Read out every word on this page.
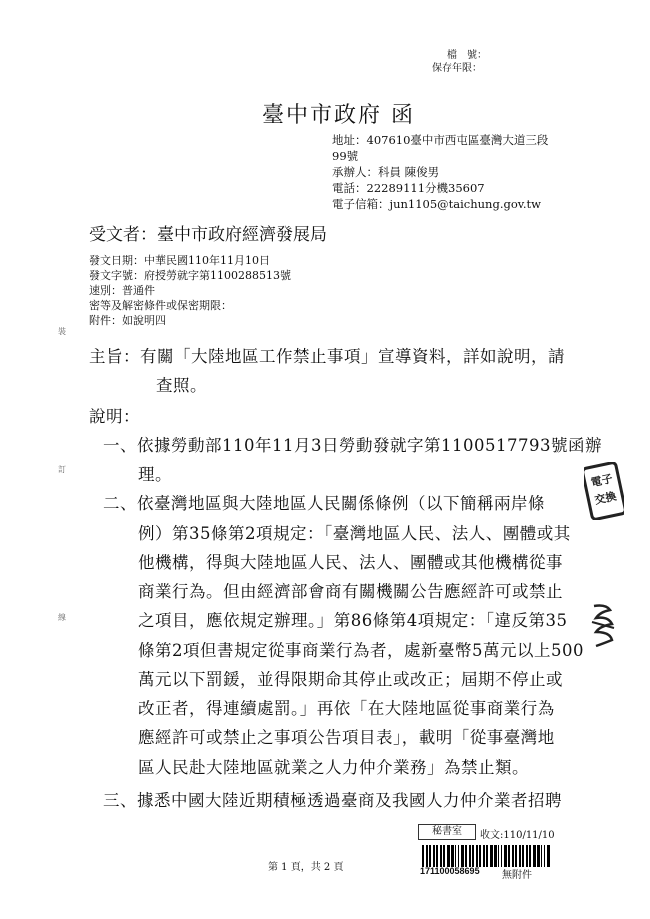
檔　號：
保存年限：
臺中市政府 函
地址：407610臺中市西屯區臺灣大道三段
99號
承辦人：科員 陳俊男
電話：22289111分機35607
電子信箱：jun1105@taichung.gov.tw
受文者：臺中市政府經濟發展局
發文日期：中華民國110年11月10日
發文字號：府授勞就字第1100288513號
速別：普通件
密等及解密條件或保密期限：
附件：如說明四
裝
訂
線
主旨：有關「大陸地區工作禁止事項」宣導資料，詳如說明，請
查照。
說明：
一、依據勞動部110年11月3日勞動發就字第1100517793號函辦
理。
二、依臺灣地區與大陸地區人民關係條例（以下簡稱兩岸條
例）第35條第2項規定：「臺灣地區人民、法人、團體或其
他機構，得與大陸地區人民、法人、團體或其他機構從事
商業行為。但由經濟部會商有關機關公告應經許可或禁止
之項目，應依規定辦理。」第86條第4項規定：「違反第35
條第2項但書規定從事商業行為者，處新臺幣5萬元以上500
萬元以下罰鍰，並得限期命其停止或改正；屆期不停止或
改正者，得連續處罰。」再依「在大陸地區從事商業行為
應經許可或禁止之事項公告項目表」，載明「從事臺灣地
區人民赴大陸地區就業之人力仲介業務」為禁止類。
三、據悉中國大陸近期積極透過臺商及我國人力仲介業者招聘
電子
交換
第 1 頁，共 2 頁
秘書室	收文:110/11/10
171100058695 無附件
